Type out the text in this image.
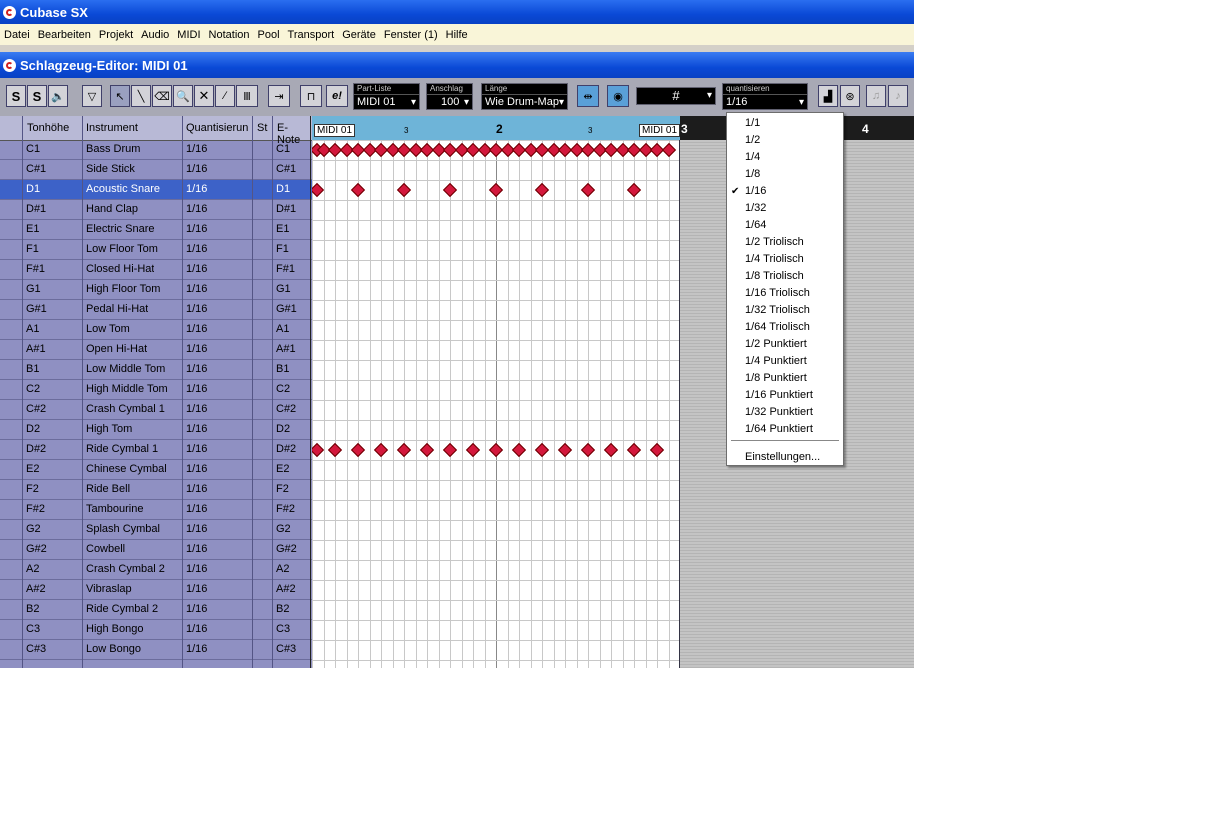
Cubase SX
Datei Bearbeiten Projekt Audio MIDI Notation Pool Transport Geräte Fenster (1) Hilfe
Schlagzeug-Editor: MIDI 01
S S 🔈	▽	↖	╲ ⌫ 🔍 ✕	∕	Ⅲ	⇥	⊓	e!
Part-Liste
MIDI 01 ▾
Anschlag
100 ▾
Länge
Wie Drum-Map ▾	⇹	◉	# ▾	quantisieren
1/16 ▾	▟	⊛	♫	♪
Tonhöhe Instrument	Quantisierun St E-Note
C1	Bass Drum	1/16	C1
C#1	Side Stick	1/16	C#1
D1	Acoustic Snare 1/16	D1
D#1	Hand Clap	1/16	D#1
E1	Electric Snare	1/16	E1
F1	Low Floor Tom	1/16	F1
F#1	Closed Hi-Hat	1/16	F#1
G1	High Floor Tom 1/16	G1
G#1	Pedal Hi-Hat	1/16	G#1
A1	Low Tom	1/16	A1
A#1	Open Hi-Hat	1/16	A#1
B1	Low Middle Tom 1/16	B1
C2	High Middle Tom 1/16	C2
C#2	Crash Cymbal 1 1/16	C#2
D2	High Tom	1/16	D2
D#2	Ride Cymbal 1	1/16	D#2
E2	Chinese Cymbal 1/16	E2
F2	Ride Bell	1/16	F2
F#2	Tambourine	1/16	F#2
G2	Splash Cymbal 1/16	G2
G#2	Cowbell	1/16	G#2
A2	Crash Cymbal 2 1/16	A2
A#2	Vibraslap	1/16	A#2
B2	Ride Cymbal 2	1/16	B2
C3	High Bongo	1/16	C3
C#3	Low Bongo	1/16	C#3
MIDI 01	3	2	3	MIDI 01 3	4
Einstellungen...
1/1
1/2
1/4
1/8
1/16
✔
1/32
1/64
1/2 Triolisch
1/4 Triolisch
1/8 Triolisch
1/16 Triolisch
1/32 Triolisch
1/64 Triolisch
1/2 Punktiert
1/4 Punktiert
1/8 Punktiert
1/16 Punktiert
1/32 Punktiert
1/64 Punktiert
